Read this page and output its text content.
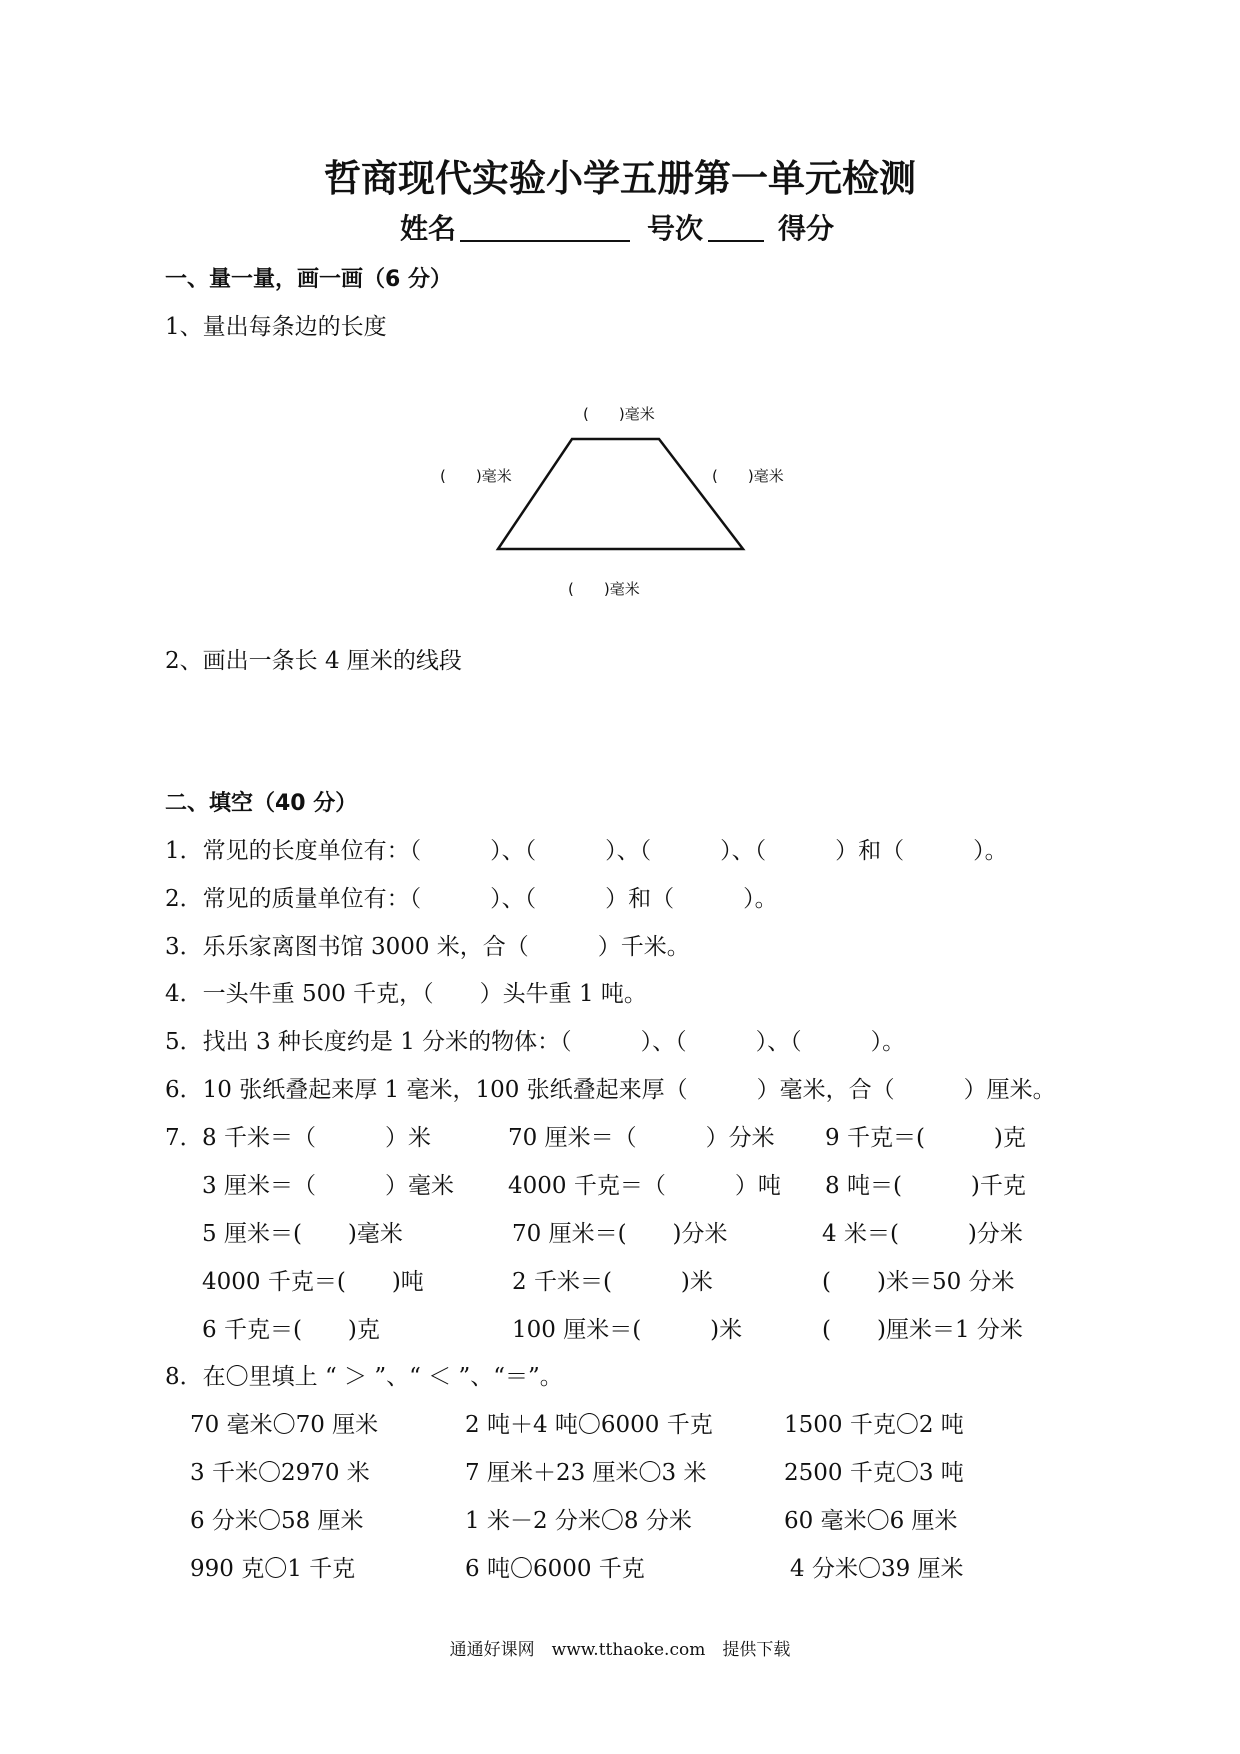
哲商现代实验小学五册第一单元检测
姓名	号次	得分
一、量一量，画一画（6 分）
1、量出每条边的长度
(　　)毫米
(　　)毫米	(　　)毫米
(　　)毫米
2、画出一条长 4 厘米的线段
二、填空（40 分）
1．常见的长度单位有：（　　　）、（　　　）、（　　　）、（　　　）和（　　　）。
2．常见的质量单位有：（　　　）、（　　　）和（　　　）。
3．乐乐家离图书馆 3000 米，合（　　　）千米。
4．一头牛重 500 千克，（　　）头牛重 1 吨。
5．找出 3 种长度约是 1 分米的物体：（　　　）、（　　　）、（　　　）。
6．10 张纸叠起来厚 1 毫米，100 张纸叠起来厚（　　　）毫米，合（　　　）厘米。
7． 8 千米＝（　　　）米	70 厘米＝（　　　）分米 9 千克＝(　　　)克
3 厘米＝（　　　）毫米 4000 千克＝（　　　）吨 8 吨＝(　　　)千克
5 厘米＝(　　)毫米	70 厘米＝(　　)分米	4 米＝(　　　)分米
4000 千克＝(　　)吨	2 千米＝(　　　)米	(　　)米＝50 分米
6 千克＝(　　)克	100 厘米＝(　　　)米	(　　)厘米＝1 分米
8．在〇里填上 “ ＞ ”、“ ＜ ”、“＝”。
70 毫米〇70 厘米	2 吨＋4 吨〇6000 千克	1500 千克〇2 吨
3 千米〇2970 米	7 厘米＋23 厘米〇3 米	2500 千克〇3 吨
6 分米〇58 厘米	1 米－2 分米〇8 分米	60 毫米〇6 厘米
990 克〇1 千克	6 吨〇6000 千克	4 分米〇39 厘米
通通好课网　www.tthaoke.com　提供下载
